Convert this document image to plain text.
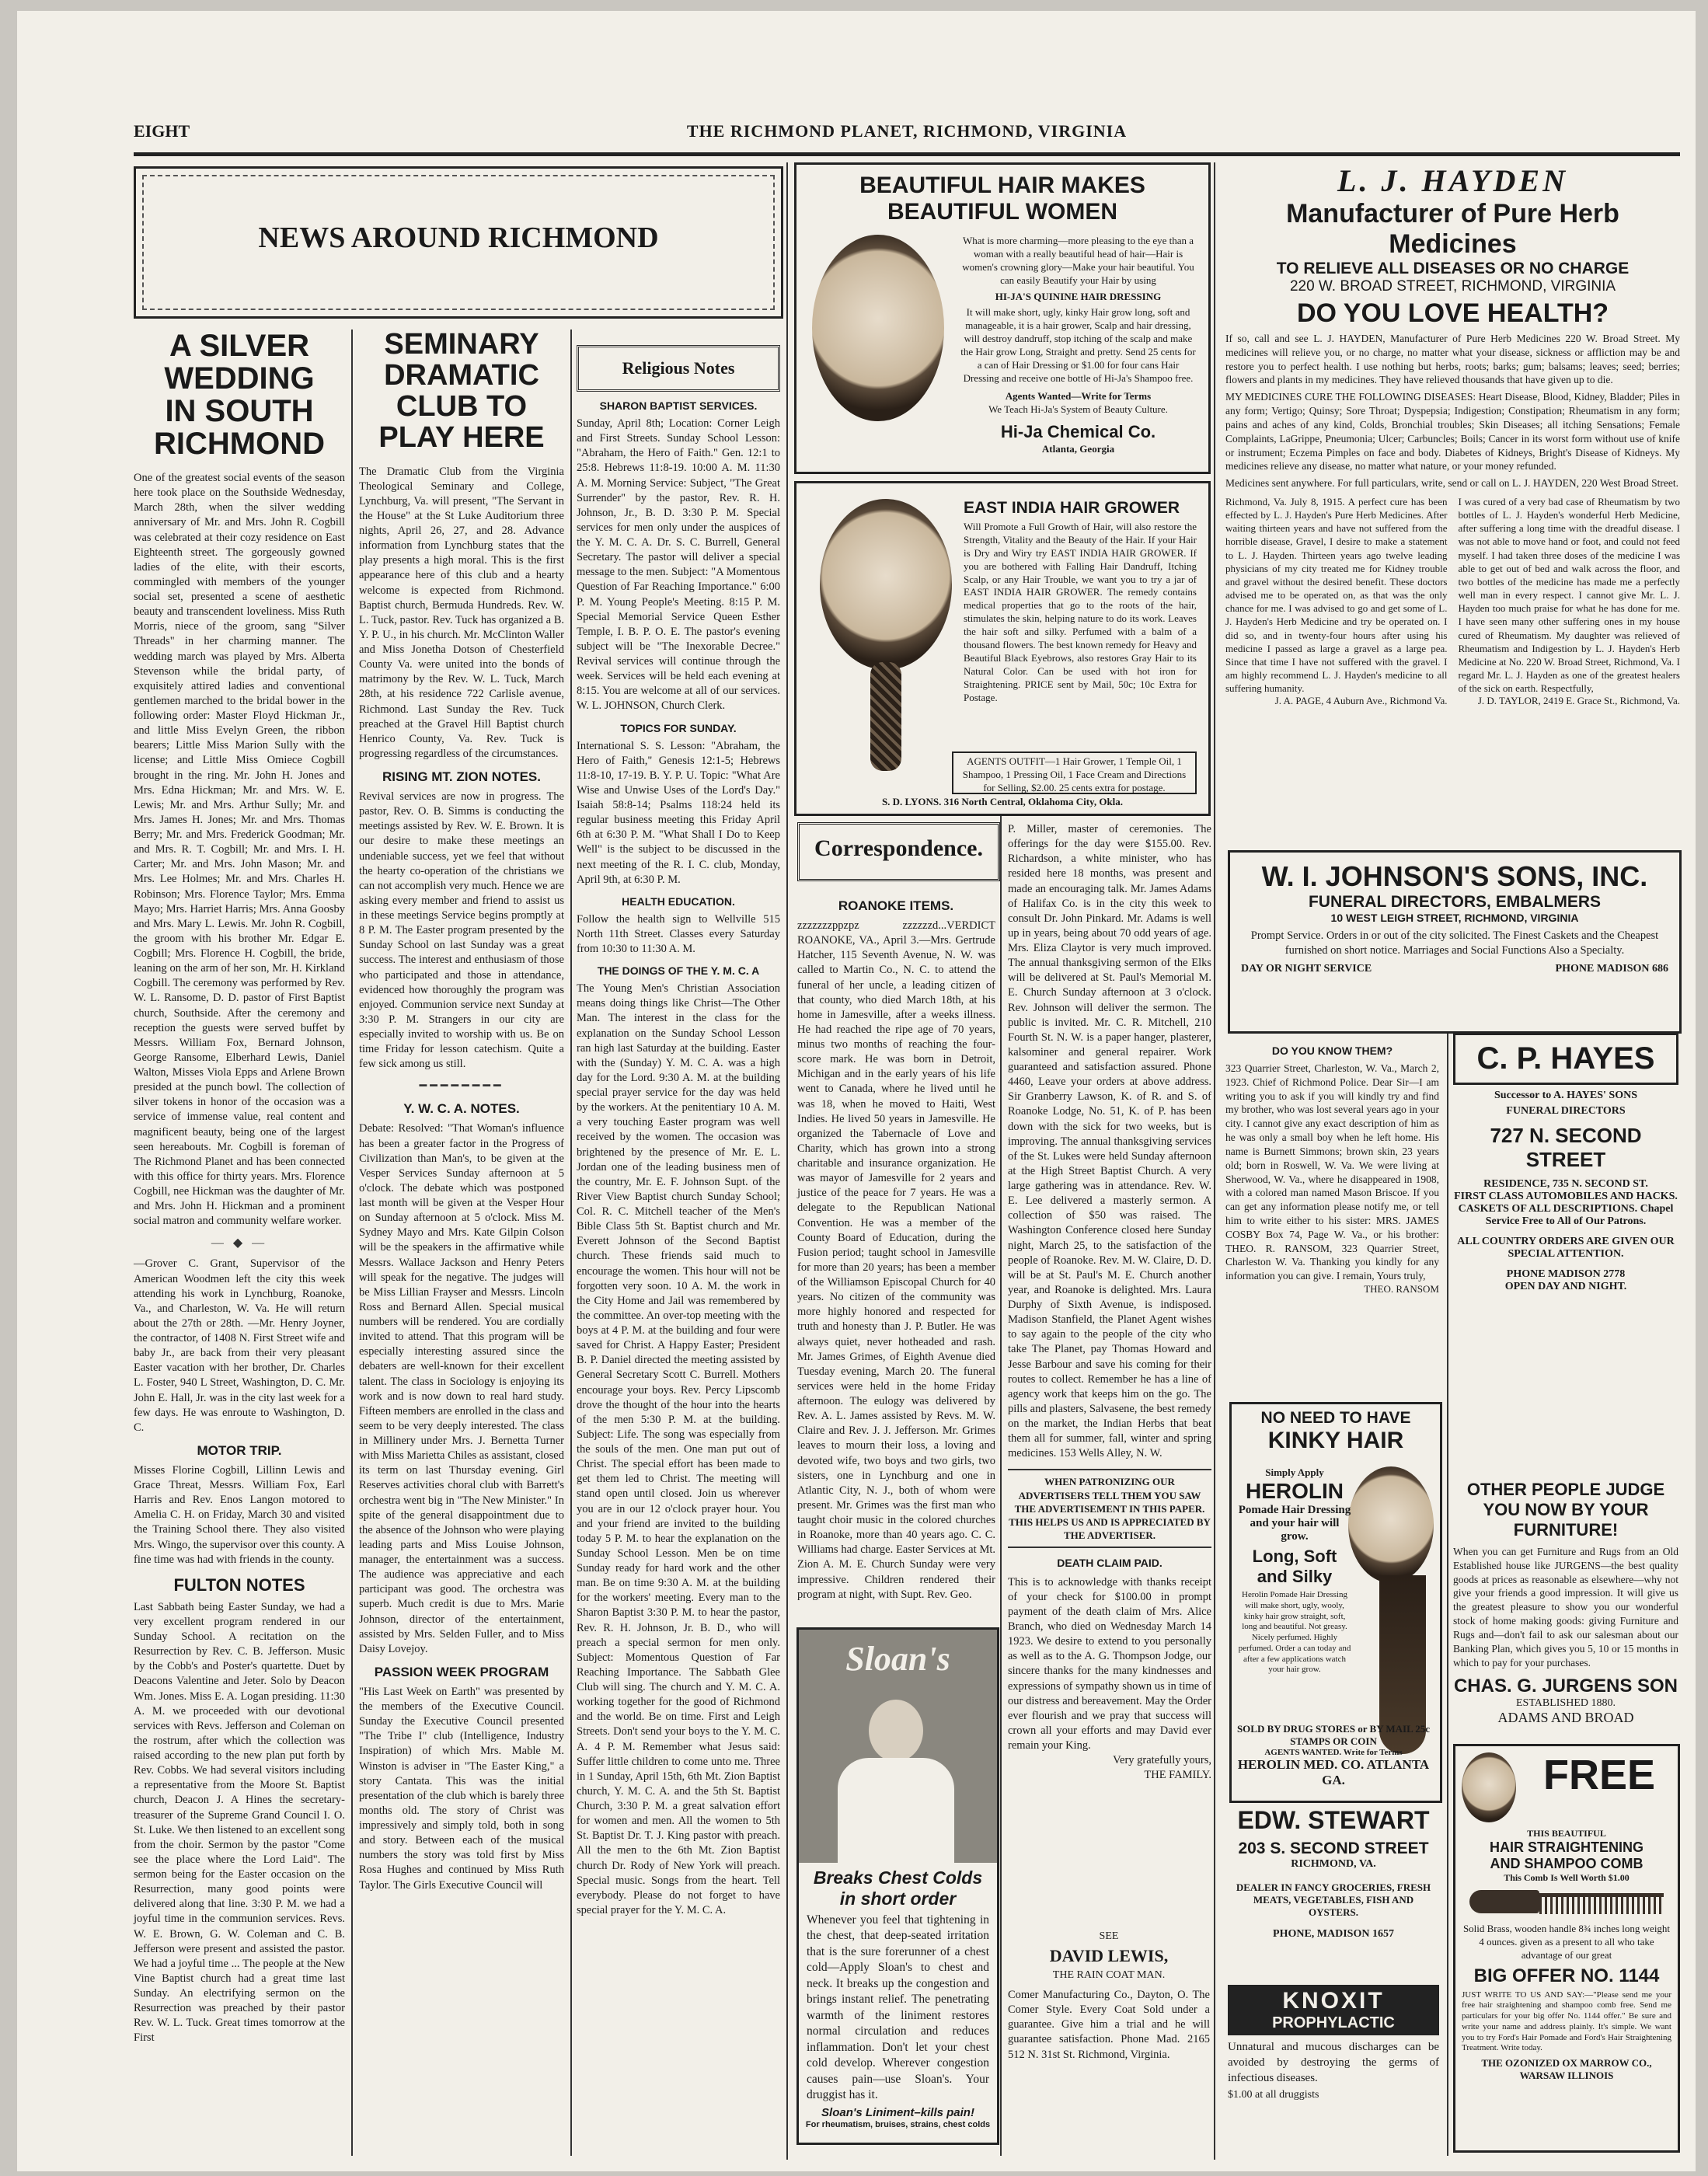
EIGHT	THE RICHMOND PLANET, RICHMOND, VIRGINIA
NEWS AROUND RICHMOND
A SILVER WEDDING
IN SOUTH RICHMOND
One of the greatest social events of the season here took place on the Southside Wednesday, March 28th, when the silver wedding anniversary of Mr. and Mrs. John R. Cogbill was celebrated at their cozy residence on East Eighteenth street. The gorgeously gowned ladies of the elite, with their escorts, commingled with members of the younger social set, presented a scene of aesthetic beauty and transcendent loveliness. Miss Ruth Morris, niece of the groom, sang "Silver Threads" in her charming manner. The wedding march was played by Mrs. Alberta Stevenson while the bridal party, of exquisitely attired ladies and conventional gentlemen marched to the bridal bower in the following order: Master Floyd Hickman Jr., and little Miss Evelyn Green, the ribbon bearers; Little Miss Marion Sully with the license; and Little Miss Omiece Cogbill brought in the ring. Mr. John H. Jones and Mrs. Edna Hickman; Mr. and Mrs. W. E. Lewis; Mr. and Mrs. Arthur Sully; Mr. and Mrs. James H. Jones; Mr. and Mrs. Thomas Berry; Mr. and Mrs. Frederick Goodman; Mr. and Mrs. R. T. Cogbill; Mr. and Mrs. I. H. Carter; Mr. and Mrs. John Mason; Mr. and Mrs. Lee Holmes; Mr. and Mrs. Charles H. Robinson; Mrs. Florence Taylor; Mrs. Emma Mayo; Mrs. Harriet Harris; Mrs. Anna Goosby and Mrs. Mary L. Lewis. Mr. John R. Cogbill, the groom with his brother Mr. Edgar E. Cogbill; Mrs. Florence H. Cogbill, the bride, leaning on the arm of her son, Mr. H. Kirkland Cogbill. The ceremony was performed by Rev. W. L. Ransome, D. D. pastor of First Baptist church, Southside. After the ceremony and reception the guests were served buffet by Messrs. William Fox, Bernard Johnson, George Ransome, Elberhard Lewis, Daniel Walton, Misses Viola Epps and Arlene Brown presided at the punch bowl. The collection of silver tokens in honor of the occasion was a service of immense value, real content and magnificent beauty, being one of the largest seen hereabouts. Mr. Cogbill is foreman of The Richmond Planet and has been connected with this office for thirty years. Mrs. Florence Cogbill, nee Hickman was the daughter of Mr. and Mrs. John H. Hickman and a prominent social matron and community welfare worker.
— ◆ —
—Grover C. Grant, Supervisor of the American Woodmen left the city this week attending his work in Lynchburg, Roanoke, Va., and Charleston, W. Va. He will return about the 27th or 28th. —Mr. Henry Joyner, the contractor, of 1408 N. First Street wife and baby Jr., are back from their very pleasant Easter vacation with her brother, Dr. Charles L. Foster, 940 L Street, Washington, D. C. Mr. John E. Hall, Jr. was in the city last week for a few days. He was enroute to Washington, D. C.
MOTOR TRIP.
Misses Florine Cogbill, Lillinn Lewis and Grace Threat, Messrs. William Fox, Earl Harris and Rev. Enos Langon motored to Amelia C. H. on Friday, March 30 and visited the Training School there. They also visited Mrs. Wingo, the supervisor over this county. A fine time was had with friends in the county.
FULTON NOTES
Last Sabbath being Easter Sunday, we had a very excellent program rendered in our Sunday School. A recitation on the Resurrection by Rev. C. B. Jefferson. Music by the Cobb's and Poster's quartette. Duet by Deacons Valentine and Jeter. Solo by Deacon Wm. Jones. Miss E. A. Logan presiding. 11:30 A. M. we proceeded with our devotional services with Revs. Jefferson and Coleman on the rostrum, after which the collection was raised according to the new plan put forth by Rev. Cobbs. We had several visitors including a representative from the Moore St. Baptist church, Deacon J. A Hines the secretary-treasurer of the Supreme Grand Council I. O. St. Luke. We then listened to an excellent song from the choir. Sermon by the pastor "Come see the place where the Lord Laid". The sermon being for the Easter occasion on the Resurrection, many good points were delivered along that line. 3:30 P. M. we had a joyful time in the communion services. Revs. W. E. Brown, G. W. Coleman and C. B. Jefferson were present and assisted the pastor. We had a joyful time ... The people at the New Vine Baptist church had a great time last Sunday. An electrifying sermon on the Resurrection was preached by their pastor Rev. W. L. Tuck. Great times tomorrow at the First
SEMINARY DRAMATIC
CLUB TO PLAY HERE
The Dramatic Club from the Virginia Theological Seminary and College, Lynchburg, Va. will present, "The Servant in the House" at the St Luke Auditorium three nights, April 26, 27, and 28. Advance information from Lynchburg states that the play presents a high moral. This is the first appearance here of this club and a hearty welcome is expected from Richmond. Baptist church, Bermuda Hundreds. Rev. W. L. Tuck, pastor. Rev. Tuck has organized a B. Y. P. U., in his church. Mr. McClinton Waller and Miss Jonetha Dotson of Chesterfield County Va. were united into the bonds of matrimony by the Rev. W. L. Tuck, March 28th, at his residence 722 Carlisle avenue, Richmond. Last Sunday the Rev. Tuck preached at the Gravel Hill Baptist church Henrico County, Va. Rev. Tuck is progressing regardless of the circumstances.
RISING MT. ZION NOTES.
Revival services are now in progress. The pastor, Rev. O. B. Simms is conducting the meetings assisted by Rev. W. E. Brown. It is our desire to make these meetings an undeniable success, yet we feel that without the hearty co-operation of the christians we can not accomplish very much. Hence we are asking every member and friend to assist us in these meetings Service begins promptly at 8 P. M. The Easter program presented by the Sunday School on last Sunday was a great success. The interest and enthusiasm of those who participated and those in attendance, evidenced how thoroughly the program was enjoyed. Communion service next Sunday at 3:30 P. M. Strangers in our city are especially invited to worship with us. Be on time Friday for lesson catechism. Quite a few sick among us still.
━━━━━━━━
Y. W. C. A. NOTES.
Debate: Resolved: "That Woman's influence has been a greater factor in the Progress of Civilization than Man's, to be given at the Vesper Services Sunday afternoon at 5 o'clock. The debate which was postponed last month will be given at the Vesper Hour on Sunday afternoon at 5 o'clock. Miss M. Sydney Mayo and Mrs. Kate Gilpin Colson will be the speakers in the affirmative while Messrs. Wallace Jackson and Henry Peters will speak for the negative. The judges will be Miss Lillian Frayser and Messrs. Lincoln Ross and Bernard Allen. Special musical numbers will be rendered. You are cordially invited to attend. That this program will be especially interesting assured since the debaters are well-known for their excellent talent. The class in Sociology is enjoying its work and is now down to real hard study. Fifteen members are enrolled in the class and seem to be very deeply interested. The class in Millinery under Mrs. J. Bernetta Turner with Miss Marietta Chiles as assistant, closed its term on last Thursday evening. Girl Reserves activities choral club with Barrett's orchestra went big in "The New Minister." In spite of the general disappointment due to the absence of the Johnson who were playing leading parts and Miss Louise Johnson, manager, the entertainment was a success. The audience was appreciative and each participant was good. The orchestra was superb. Much credit is due to Mrs. Marie Johnson, director of the entertainment, assisted by Mrs. Selden Fuller, and to Miss Daisy Lovejoy.
PASSION WEEK PROGRAM
"His Last Week on Earth" was presented by the members of the Executive Council. Sunday the Executive Council presented "The Tribe I" club (Intelligence, Industry Inspiration) of which Mrs. Mable M. Winston is adviser in "The Easter King," a story Cantata. This was the initial presentation of the club which is barely three months old. The story of Christ was impressively and simply told, both in song and story. Between each of the musical numbers the story was told first by Miss Rosa Hughes and continued by Miss Ruth Taylor. The Girls Executive Council will
Religious Notes
SHARON BAPTIST SERVICES.
Sunday, April 8th; Location: Corner Leigh and First Streets. Sunday School Lesson: "Abraham, the Hero of Faith." Gen. 12:1 to 25:8. Hebrews 11:8-19. 10:00 A. M. 11:30 A. M. Morning Service: Subject, "The Great Surrender" by the pastor, Rev. R. H. Johnson, Jr., B. D. 3:30 P. M. Special services for men only under the auspices of the Y. M. C. A. Dr. S. C. Burrell, General Secretary. The pastor will deliver a special message to the men. Subject: "A Momentous Question of Far Reaching Importance." 6:00 P. M. Young People's Meeting. 8:15 P. M. Special Memorial Service Queen Esther Temple, I. B. P. O. E. The pastor's evening subject will be "The Inexorable Decree." Revival services will continue through the week. Services will be held each evening at 8:15. You are welcome at all of our services. W. L. JOHNSON, Church Clerk.
TOPICS FOR SUNDAY.
International S. S. Lesson: "Abraham, the Hero of Faith," Genesis 12:1-5; Hebrews 11:8-10, 17-19. B. Y. P. U. Topic: "What Are Wise and Unwise Uses of the Lord's Day." Isaiah 58:8-14; Psalms 118:24 held its regular business meeting this Friday April 6th at 6:30 P. M. "What Shall I Do to Keep Well" is the subject to be discussed in the next meeting of the R. I. C. club, Monday, April 9th, at 6:30 P. M.
HEALTH EDUCATION.
Follow the health sign to Wellville 515 North 11th Street. Classes every Saturday from 10:30 to 11:30 A. M.
THE DOINGS OF THE Y. M. C. A
The Young Men's Christian Association means doing things like Christ—The Other Man. The interest in the class for the explanation on the Sunday School Lesson ran high last Saturday at the building. Easter with the (Sunday) Y. M. C. A. was a high day for the Lord. 9:30 A. M. at the building special prayer service for the day was held by the workers. At the penitentiary 10 A. M. a very touching Easter program was well received by the women. The occasion was brightened by the presence of Mr. E. L. Jordan one of the leading business men of the country, Mr. E. F. Johnson Supt. of the River View Baptist church Sunday School; Col. R. C. Mitchell teacher of the Men's Bible Class 5th St. Baptist church and Mr. Everett Johnson of the Second Baptist church. These friends said much to encourage the women. This hour will not be forgotten very soon. 10 A. M. the work in the City Home and Jail was remembered by the committee. An over-top meeting with the boys at 4 P. M. at the building and four were saved for Christ. A Happy Easter; President B. P. Daniel directed the meeting assisted by General Secretary Scott C. Burrell. Mothers encourage your boys. Rev. Percy Lipscomb drove the thought of the hour into the hearts of the men 5:30 P. M. at the building. Subject: Life. The song was especially from the souls of the men. One man put out of Christ. The special effort has been made to get them led to Christ. The meeting will stand open until closed. Join us wherever you are in our 12 o'clock prayer hour. You and your friend are invited to the building today 5 P. M. to hear the explanation on the Sunday School Lesson. Men be on time Sunday ready for hard work and the other man. Be on time 9:30 A. M. at the building for the workers' meeting. Every man to the Sharon Baptist 3:30 P. M. to hear the pastor, Rev. R. H. Johnson, Jr. B. D., who will preach a special sermon for men only. Subject: Momentous Question of Far Reaching Importance. The Sabbath Glee Club will sing. The church and Y. M. C. A. working together for the good of Richmond and the world. Be on time. First and Leigh Streets. Don't send your boys to the Y. M. C. A. 4 P. M. Remember what Jesus said: Suffer little children to come unto me. Three in 1 Sunday, April 15th, 6th Mt. Zion Baptist church, Y. M. C. A. and the 5th St. Baptist Church, 3:30 P. M. a great salvation effort for women and men. All the women to 5th St. Baptist Dr. T. J. King pastor with preach. All the men to the 6th Mt. Zion Baptist church Dr. Rody of New York will preach. Special music. Songs from the heart. Tell everybody. Please do not forget to have special prayer for the Y. M. C. A.
BEAUTIFUL HAIR MAKES
BEAUTIFUL WOMEN
What is more charming—more pleasing to the eye than a woman with a really beautiful head of hair—Hair is women's crowning glory—Make your hair beautiful. You can easily Beautify your Hair by using
HI-JA'S QUININE HAIR DRESSING
It will make short, ugly, kinky Hair grow long, soft and manageable, it is a hair grower, Scalp and hair dressing, will destroy dandruff, stop itching of the scalp and make the Hair grow Long, Straight and pretty. Send 25 cents for a can of Hair Dressing or $1.00 for four cans Hair Dressing and receive one bottle of Hi-Ja's Shampoo free.
Agents Wanted—Write for Terms
We Teach Hi-Ja's System of Beauty Culture.
Hi-Ja Chemical Co.
Atlanta, Georgia
EAST INDIA HAIR GROWER
Will Promote a Full Growth of Hair, will also restore the Strength, Vitality and the Beauty of the Hair. If your Hair is Dry and Wiry try EAST INDIA HAIR GROWER. If you are bothered with Falling Hair Dandruff, Itching Scalp, or any Hair Trouble, we want you to try a jar of EAST INDIA HAIR GROWER. The remedy contains medical properties that go to the roots of the hair, stimulates the skin, helping nature to do its work. Leaves the hair soft and silky. Perfumed with a balm of a thousand flowers. The best known remedy for Heavy and Beautiful Black Eyebrows, also restores Gray Hair to its Natural Color. Can be used with hot iron for Straightening. PRICE sent by Mail, 50c; 10c Extra for Postage.
AGENTS OUTFIT—1 Hair Grower, 1 Temple Oil, 1 Shampoo, 1 Pressing Oil, 1 Face Cream and Directions for Selling, $2.00. 25 cents extra for postage.
S. D. LYONS. 316 North Central, Oklahoma City, Okla.
Correspondence.
ROANOKE ITEMS.
zzzzzzzppzpz zzzzzzd...VERDICT ROANOKE, VA., April 3.—Mrs. Gertrude Hatcher, 115 Seventh Avenue, N. W. was called to Martin Co., N. C. to attend the funeral of her uncle, a leading citizen of that county, who died March 18th, at his home in Jamesville, after a weeks illness. He had reached the ripe age of 70 years, minus two months of reaching the four-score mark. He was born in Detroit, Michigan and in the early years of his life went to Canada, where he lived until he was 18, when he moved to Haiti, West Indies. He lived 50 years in Jamesville. He organized the Tabernacle of Love and Charity, which has grown into a strong charitable and insurance organization. He was mayor of Jamesville for 2 years and justice of the peace for 7 years. He was a delegate to the Republican National Convention. He was a member of the County Board of Education, during the Fusion period; taught school in Jamesville for more than 20 years; has been a member of the Williamson Episcopal Church for 40 years. No citizen of the community was more highly honored and respected for truth and honesty than J. P. Butler. He was always quiet, never hotheaded and rash. Mr. James Grimes, of Eighth Avenue died Tuesday evening, March 20. The funeral services were held in the home Friday afternoon. The eulogy was delivered by Rev. A. L. James assisted by Revs. M. W. Claire and Rev. J. J. Jefferson. Mr. Grimes leaves to mourn their loss, a loving and devoted wife, two boys and two girls, two sisters, one in Lynchburg and one in Atlantic City, N. J., both of whom were present. Mr. Grimes was the first man who taught choir music in the colored churches in Roanoke, more than 40 years ago. C. C. Williams had charge. Easter Services at Mt. Zion A. M. E. Church Sunday were very impressive. Children rendered their program at night, with Supt. Rev. Geo.
P. Miller, master of ceremonies. The offerings for the day were $155.00. Rev. Richardson, a white minister, who has resided here 18 months, was present and made an encouraging talk. Mr. James Adams of Halifax Co. is in the city this week to consult Dr. John Pinkard. Mr. Adams is well up in years, being about 70 odd years of age. Mrs. Eliza Claytor is very much improved. The annual thanksgiving sermon of the Elks will be delivered at St. Paul's Memorial M. E. Church Sunday afternoon at 3 o'clock. Rev. Johnson will deliver the sermon. The public is invited. Mr. C. R. Mitchell, 210 Fourth St. N. W. is a paper hanger, plasterer, kalsominer and general repairer. Work guaranteed and satisfaction assured. Phone 4460, Leave your orders at above address. Sir Granberry Lawson, K. of R. and S. of Roanoke Lodge, No. 51, K. of P. has been down with the sick for two weeks, but is improving. The annual thanksgiving services of the St. Lukes were held Sunday afternoon at the High Street Baptist Church. A very large gathering was in attendance. Rev. W. E. Lee delivered a masterly sermon. A collection of $50 was raised. The Washington Conference closed here Sunday night, March 25, to the satisfaction of the people of Roanoke. Rev. M. W. Claire, D. D. will be at St. Paul's M. E. Church another year, and Roanoke is delighted. Mrs. Laura Durphy of Sixth Avenue, is indisposed. Madison Stanfield, the Planet Agent wishes to say again to the people of the city who take The Planet, pay Thomas Howard and Jesse Barbour and save his coming for their routes to collect. Remember he has a line of agency work that keeps him on the go. The pills and plasters, Salvasene, the best remedy on the market, the Indian Herbs that beat them all for summer, fall, winter and spring medicines. 153 Wells Alley, N. W.
WHEN PATRONIZING OUR ADVERTISERS TELL THEM YOU SAW THE ADVERTISEMENT IN THIS PAPER. THIS HELPS US AND IS APPRECIATED BY THE ADVERTISER.
DEATH CLAIM PAID.
This is to acknowledge with thanks receipt of your check for $100.00 in prompt payment of the death claim of Mrs. Alice Branch, who died on Wednesday March 14 1923. We desire to extend to you personally as well as to the A. G. Thompson Jodge, our sincere thanks for the many kindnesses and expressions of sympathy shown us in time of our distress and bereavement. May the Order ever flourish and we pray that success will crown all your efforts and may David ever remain your King.
Very gratefully yours,
THE FAMILY.
Sloan's
Breaks Chest Colds
in short order
Whenever you feel that tightening in the chest, that deep-seated irritation that is the sure forerunner of a chest cold—Apply Sloan's to chest and neck. It breaks up the congestion and brings instant relief. The penetrating warmth of the liniment restores normal circulation and reduces inflammation. Don't let your chest cold develop. Wherever congestion causes pain—use Sloan's. Your druggist has it.
Sloan's Liniment–kills pain!
For rheumatism, bruises, strains, chest colds
SEE
DAVID LEWIS,
THE RAIN COAT MAN.
Comer Manufacturing Co., Dayton, O. The Comer Style. Every Coat Sold under a guarantee. Give him a trial and he will guarantee satisfaction. Phone Mad. 2165 512 N. 31st St. Richmond, Virginia.
L. J. HAYDEN
Manufacturer of Pure Herb Medicines
TO RELIEVE ALL DISEASES OR NO CHARGE
220 W. BROAD STREET, RICHMOND, VIRGINIA
DO YOU LOVE HEALTH?
If so, call and see L. J. HAYDEN, Manufacturer of Pure Herb Medicines 220 W. Broad Street. My medicines will relieve you, or no charge, no matter what your disease, sickness or affliction may be and restore you to perfect health. I use nothing but herbs, roots; barks; gum; balsams; leaves; seed; berries; flowers and plants in my medicines. They have relieved thousands that have given up to die.
MY MEDICINES CURE THE FOLLOWING DISEASES: Heart Disease, Blood, Kidney, Bladder; Piles in any form; Vertigo; Quinsy; Sore Throat; Dyspepsia; Indigestion; Constipation; Rheumatism in any form; pains and aches of any kind, Colds, Bronchial troubles; Skin Diseases; all itching Sensations; Female Complaints, LaGrippe, Pneumonia; Ulcer; Carbuncles; Boils; Cancer in its worst form without use of knife or instrument; Eczema Pimples on face and body. Diabetes of Kidneys, Bright's Disease of Kidneys. My medicines relieve any disease, no matter what nature, or your money refunded.
Medicines sent anywhere. For full particulars, write, send or call on L. J. HAYDEN, 220 West Broad Street.
Richmond, Va. July 8, 1915. A perfect cure has been effected by L. J. Hayden's Pure Herb Medicines. After waiting thirteen years and have not suffered from the horrible disease, Gravel, I desire to make a statement to L. J. Hayden. Thirteen years ago twelve leading physicians of my city treated me for Kidney trouble and gravel without the desired benefit. These doctors advised me to be operated on, as that was the only chance for me. I was advised to go and get some of L. J. Hayden's Herb Medicine and try be operated on. I did so, and in twenty-four hours after using his medicine I passed as large a gravel as a large pea. Since that time I have not suffered with the gravel. I am highly recommend L. J. Hayden's medicine to all suffering humanity.
J. A. PAGE, 4 Auburn Ave., Richmond Va.
I was cured of a very bad case of Rheumatism by two bottles of L. J. Hayden's wonderful Herb Medicine, after suffering a long time with the dreadful disease. I was not able to move hand or foot, and could not feed myself. I had taken three doses of the medicine I was able to get out of bed and walk across the floor, and two bottles of the medicine has made me a perfectly well man in every respect. I cannot give Mr. L. J. Hayden too much praise for what he has done for me. I have seen many other suffering ones in my house cured of Rheumatism. My daughter was relieved of Rheumatism and Indigestion by L. J. Hayden's Herb Medicine at No. 220 W. Broad Street, Richmond, Va. I regard Mr. L. J. Hayden as one of the greatest healers of the sick on earth. Respectfully,
J. D. TAYLOR, 2419 E. Grace St., Richmond, Va.
W. I. JOHNSON'S SONS, INC.
FUNERAL DIRECTORS, EMBALMERS
10 WEST LEIGH STREET, RICHMOND, VIRGINIA
Prompt Service. Orders in or out of the city solicited. The Finest Caskets and the Cheapest furnished on short notice. Marriages and Social Functions Also a Specialty.
DAY OR NIGHT SERVICE	PHONE MADISON 686
DO YOU KNOW THEM?
323 Quarrier Street, Charleston, W. Va., March 2, 1923. Chief of Richmond Police. Dear Sir—I am writing you to ask if you will kindly try and find my brother, who was lost several years ago in your city. I cannot give any exact description of him as he was only a small boy when he left home. His name is Burnett Simmons; brown skin, 23 years old; born in Roswell, W. Va. We were living at Sherwood, W. Va., where he disappeared in 1908, with a colored man named Mason Briscoe. If you can get any information please notify me, or tell him to write either to his sister: MRS. JAMES COSBY Box 74, Page W. Va., or his brother: THEO. R. RANSOM, 323 Quarrier Street, Charleston W. Va. Thanking you kindly for any information you can give. I remain, Yours truly,
THEO. RANSOM
C. P. HAYES
Successor to A. HAYES' SONS
FUNERAL DIRECTORS
727 N. SECOND STREET
RESIDENCE, 735 N. SECOND ST.
FIRST CLASS AUTOMOBILES AND HACKS. CASKETS OF ALL DESCRIPTIONS. Chapel Service Free to All of Our Patrons.
ALL COUNTRY ORDERS ARE GIVEN OUR SPECIAL ATTENTION.
PHONE MADISON 2778
OPEN DAY AND NIGHT.
NO NEED TO HAVE
KINKY HAIR
Simply Apply
HEROLIN
Pomade Hair Dressing and your hair will grow.
Long, Soft and Silky
Herolin Pomade Hair Dressing will make short, ugly, wooly, kinky hair grow straight, soft, long and beautiful. Not greasy. Nicely perfumed. Highly perfumed. Order a can today and after a few applications watch your hair grow.
SOLD BY DRUG STORES or BY MAIL 25c STAMPS OR COIN
AGENTS WANTED. Write for Terms
HEROLIN MED. CO. ATLANTA GA.
OTHER PEOPLE JUDGE
YOU NOW BY YOUR
FURNITURE!
When you can get Furniture and Rugs from an Old Established house like JURGENS—the best quality goods at prices as reasonable as elsewhere—why not give your friends a good impression. It will give us the greatest pleasure to show you our wonderful stock of home making goods: giving Furniture and Rugs and—don't fail to ask our salesman about our Banking Plan, which gives you 5, 10 or 15 months in which to pay for your purchases.
CHAS. G. JURGENS SON
ESTABLISHED 1880.
ADAMS AND BROAD
EDW. STEWART
203 S. SECOND STREET
RICHMOND, VA.
DEALER IN FANCY GROCERIES, FRESH MEATS, VEGETABLES, FISH AND OYSTERS.
PHONE, MADISON 1657
KNOXIT
PROPHYLACTIC
Unnatural and mucous discharges can be avoided by destroying the germs of infectious diseases.
$1.00 at all druggists
FREE
THIS BEAUTIFUL
HAIR STRAIGHTENING
AND SHAMPOO COMB
This Comb Is Well Worth $1.00
Solid Brass, wooden handle 8¾ inches long weight 4 ounces. given as a present to all who take advantage of our great
BIG OFFER NO. 1144
JUST WRITE TO US AND SAY:—"Please send me your free hair straightening and shampoo comb free. Send me particulars for your big offer No. 1144 offer." Be sure and write your name and address plainly. It's simple. We want you to try Ford's Hair Pomade and Ford's Hair Straightening Treatment. Write today.
THE OZONIZED OX MARROW CO.,
WARSAW ILLINOIS
